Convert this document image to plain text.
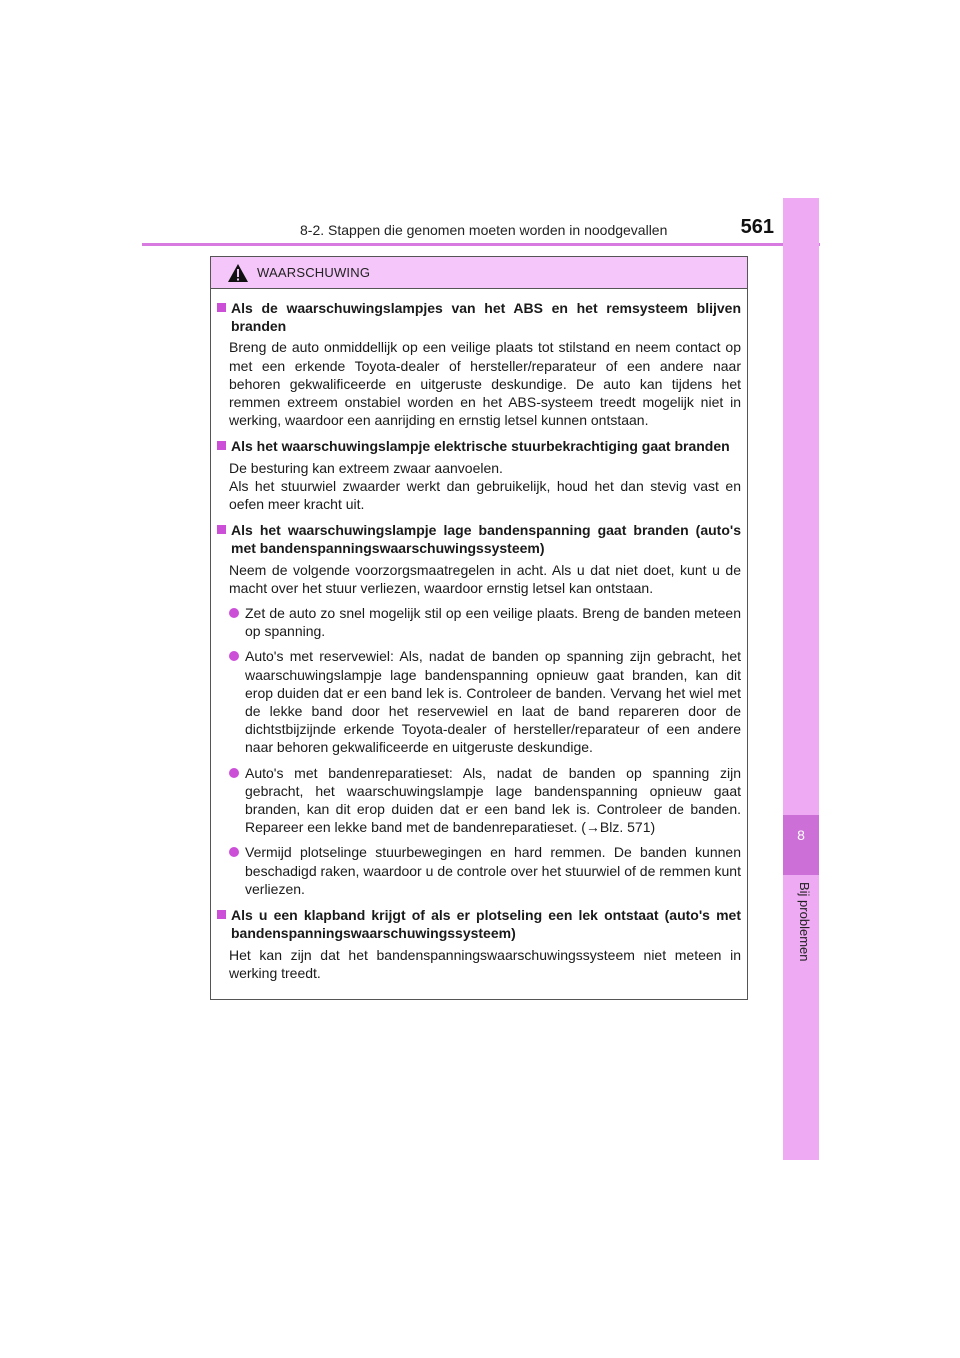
8-2. Stappen die genomen moeten worden in noodgevallen	561
8
Bij problemen
WAARSCHUWING
Als de waarschuwingslampjes van het ABS en het remsysteem blijven branden
Breng de auto onmiddellijk op een veilige plaats tot stilstand en neem contact op met een erkende Toyota-dealer of hersteller/reparateur of een andere naar behoren gekwalificeerde en uitgeruste deskundige. De auto kan tijdens het remmen extreem onstabiel worden en het ABS-systeem treedt mogelijk niet in werking, waardoor een aanrijding en ernstig letsel kunnen ontstaan.
Als het waarschuwingslampje elektrische stuurbekrachtiging gaat branden
De besturing kan extreem zwaar aanvoelen.
Als het stuurwiel zwaarder werkt dan gebruikelijk, houd het dan stevig vast en oefen meer kracht uit.
Als het waarschuwingslampje lage bandenspanning gaat branden (auto's met bandenspanningswaarschuwingssysteem)
Neem de volgende voorzorgsmaatregelen in acht. Als u dat niet doet, kunt u de macht over het stuur verliezen, waardoor ernstig letsel kan ontstaan.
Zet de auto zo snel mogelijk stil op een veilige plaats. Breng de banden meteen op spanning.
Auto's met reservewiel: Als, nadat de banden op spanning zijn gebracht, het waarschuwingslampje lage bandenspanning opnieuw gaat branden, kan dit erop duiden dat er een band lek is. Controleer de banden. Vervang het wiel met de lekke band door het reservewiel en laat de band repareren door de dichtstbijzijnde erkende Toyota-dealer of hersteller/reparateur of een andere naar behoren gekwalificeerde en uitgeruste deskundige.
Auto's met bandenreparatieset: Als, nadat de banden op spanning zijn gebracht, het waarschuwingslampje lage bandenspanning opnieuw gaat branden, kan dit erop duiden dat er een band lek is. Controleer de banden. Repareer een lekke band met de bandenreparatieset. (→Blz. 571)
Vermijd plotselinge stuurbewegingen en hard remmen. De banden kunnen beschadigd raken, waardoor u de controle over het stuurwiel of de remmen kunt verliezen.
Als u een klapband krijgt of als er plotseling een lek ontstaat (auto's met bandenspanningswaarschuwingssysteem)
Het kan zijn dat het bandenspanningswaarschuwingssysteem niet meteen in werking treedt.
